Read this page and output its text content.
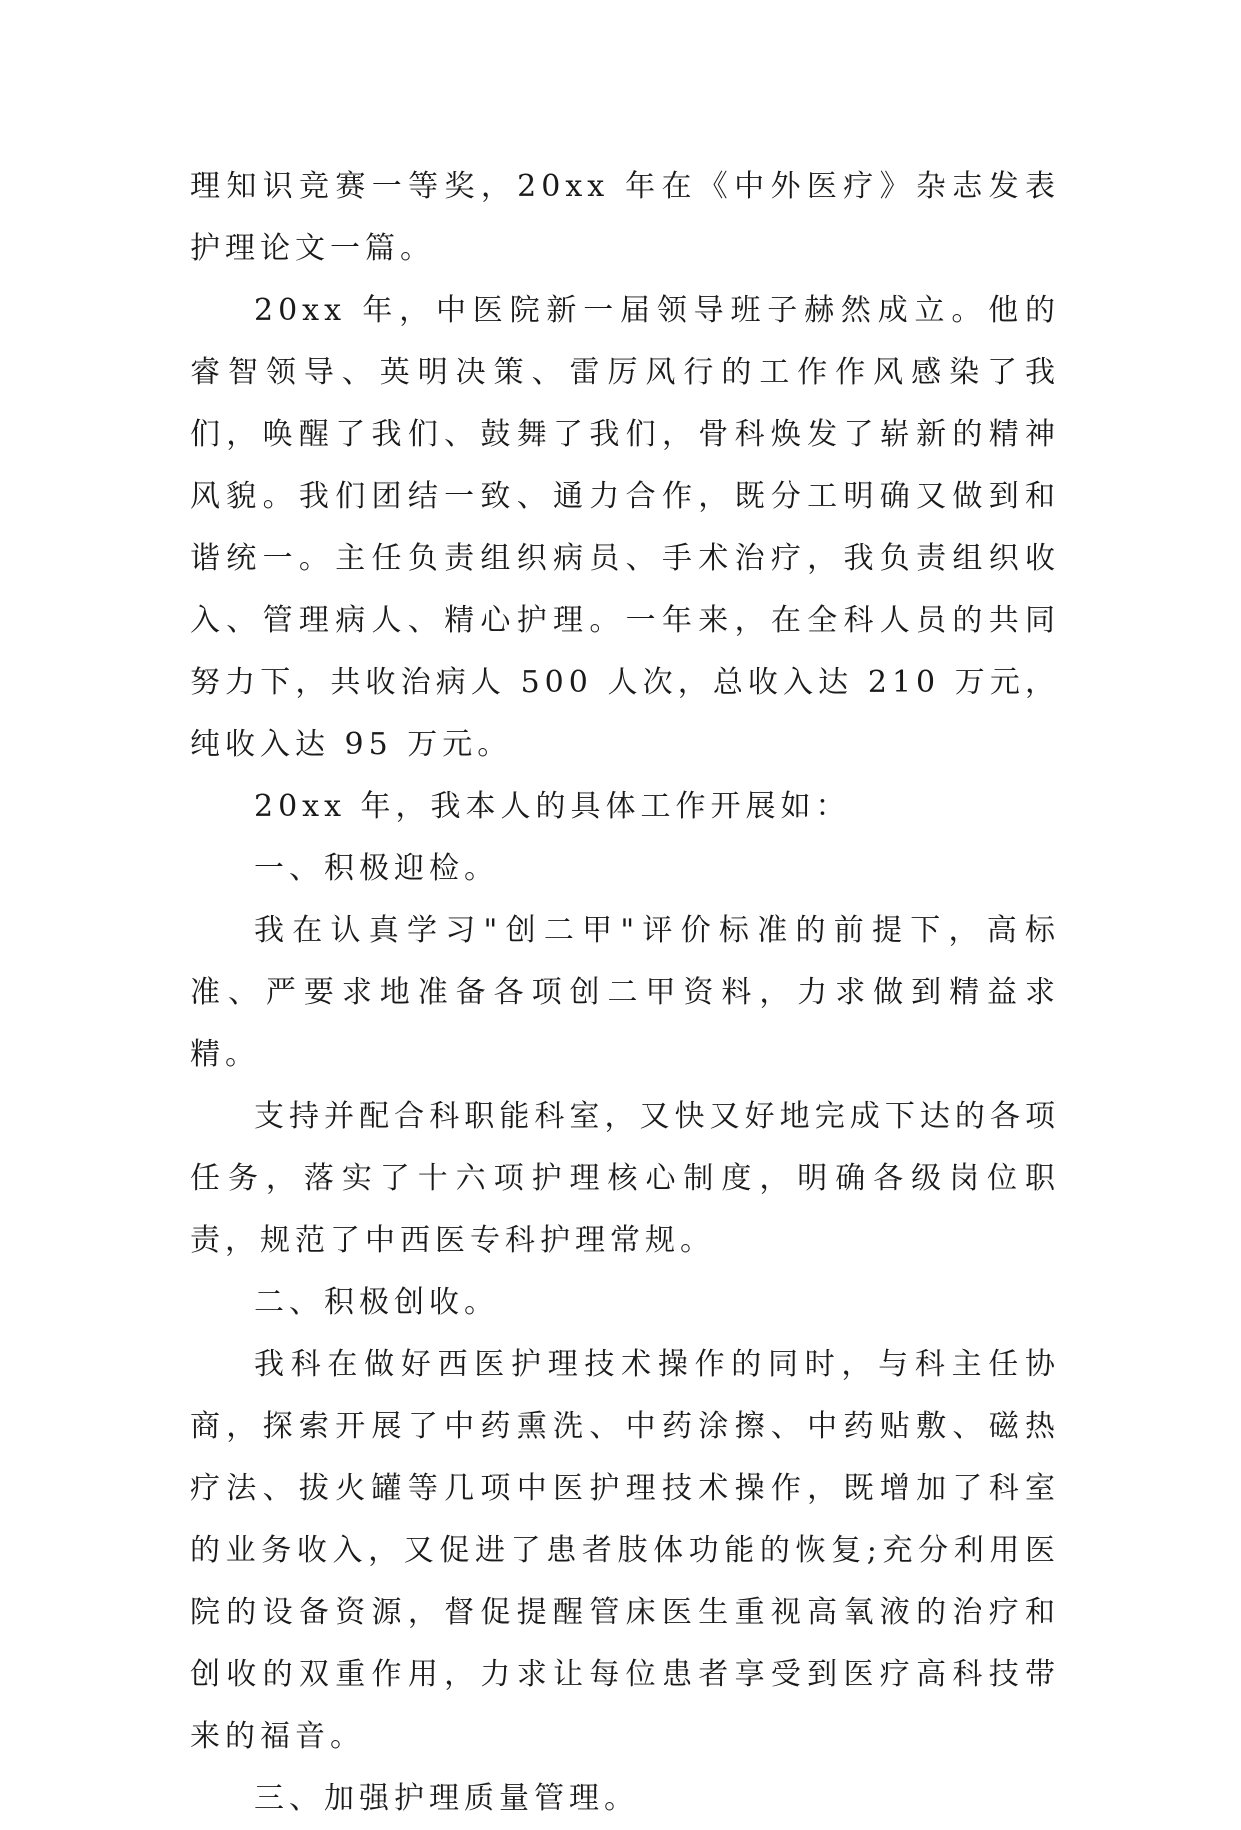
理知识竞赛一等奖，20xx 年在《中外医疗》杂志发表护理论文一篇。

20xx 年，中医院新一届领导班子赫然成立。他的睿智领导、英明决策、雷厉风行的工作作风感染了我们，唤醒了我们、鼓舞了我们，骨科焕发了崭新的精神风貌。我们团结一致、通力合作，既分工明确又做到和谐统一。主任负责组织病员、手术治疗，我负责组织收入、管理病人、精心护理。一年来，在全科人员的共同努力下，共收治病人 500 人次，总收入达 210 万元，纯收入达 95 万元。

20xx 年，我本人的具体工作开展如：

一、积极迎检。

我在认真学习"创二甲"评价标准的前提下，高标准、严要求地准备各项创二甲资料，力求做到精益求精。

支持并配合科职能科室，又快又好地完成下达的各项任务，落实了十六项护理核心制度，明确各级岗位职责，规范了中西医专科护理常规。

二、积极创收。

我科在做好西医护理技术操作的同时，与科主任协商，探索开展了中药熏洗、中药涂擦、中药贴敷、磁热疗法、拔火罐等几项中医护理技术操作，既增加了科室的业务收入，又促进了患者肢体功能的恢复;充分利用医院的设备资源，督促提醒管床医生重视高氧液的治疗和创收的双重作用，力求让每位患者享受到医疗高科技带来的福音。

三、加强护理质量管理。
